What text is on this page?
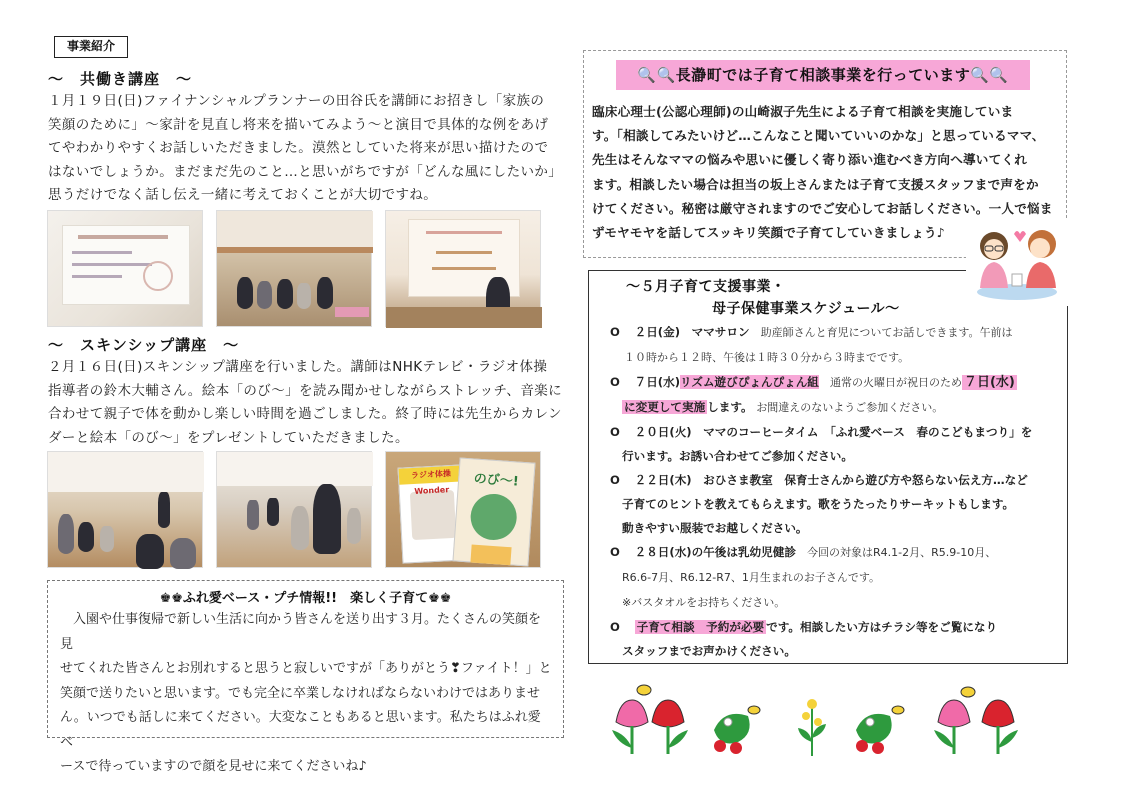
事業紹介
～　共働き講座　～
１月１９日(日)ファイナンシャルプランナーの田谷氏を講師にお招きし「家族の
笑顔のために」～家計を見直し将来を描いてみよう～と演目で具体的な例をあげ
てやわかりやすくお話しいただきました。漠然としていた将来が思い描けたので
はないでしょうか。まだまだ先のこと…と思いがちですが「どんな風にしたいか」
思うだけでなく話し伝え一緒に考えておくことが大切ですね。
～　スキンシップ講座　～
２月１６日(日)スキンシップ講座を行いました。講師はNHKテレビ・ラジオ体操
指導者の鈴木大輔さん。絵本「のび～」を読み聞かせしながらストレッチ、音楽に
合わせて親子で体を動かし楽しい時間を過ごしました。終了時には先生からカレン
ダーと絵本「のび～」をプレゼントしていただきました。
ラジオ体操Wonder
のび～!
♚♚ふれ愛ベース・プチ情報!!　楽しく子育て♚♚
　入園や仕事復帰で新しい生活に向かう皆さんを送り出す３月。たくさんの笑顔を見
せてくれた皆さんとお別れすると思うと寂しいですが「ありがとう❣ファイト！」と
笑顔で送りたいと思います。でも完全に卒業しなければならないわけではありませ
ん。いつでも話しに来てください。大変なこともあると思います。私たちはふれ愛ベ
ースで待っていますので顔を見せに来てくださいね♪
🔍🔍長瀞町では子育て相談事業を行っています🔍🔍
臨床心理士(公認心理師)の山崎淑子先生による子育て相談を実施していま
す。「相談してみたいけど…こんなこと聞いていいのかな」と思っているママ、
先生はそんなママの悩みや思いに優しく寄り添い進むべき方向へ導いてくれ
ます。相談したい場合は担当の坂上さんまたは子育て支援スタッフまで声をか
けてください。秘密は厳守されますのでご安心してお話しください。一人で悩ま
ずモヤモヤを話してスッキリ笑顔で子育てしていきましょう♪
～５月子育て支援事業・
母子保健事業スケジュール～
O ２日(金)　ママサロン 助産師さんと育児についてお話しできます。午前は
１０時から１２時、午後は１時３０分から３時までです。
O ７日(水)リズム遊びぴょんぴょん組 通常の火曜日が祝日のため ７日(水)
に変更して実施 します。 お間違えのないようご参加ください。
O ２０日(火)　ママのコーヒータイム　「ふれ愛ベース　春のこどもまつり」を
行います。お誘い合わせてご参加ください。
O ２２日(木)　おひさま教室　保育士さんから遊び方や怒らない伝え方…など
子育てのヒントを教えてもらえます。歌をうたったりサーキットもします。
動きやすい服装でお越しください。
O ２８日(水)の午後は乳幼児健診 今回の対象はR4.1-2月、R5.9-10月、
R6.6-7月、R6.12-R7、1月生まれのお子さんです。
※バスタオルをお持ちください。
O 子育て相談　予約が必要 です。相談したい方はチラシ等をご覧になり
スタッフまでお声かけください。
